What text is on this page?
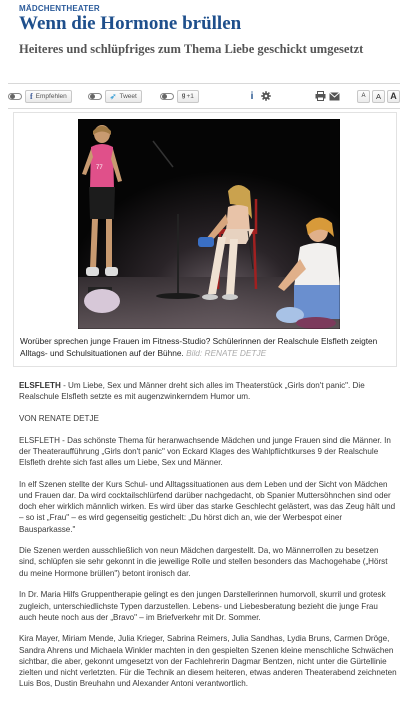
MÄDCHENTHEATER
Wenn die Hormone brüllen
Heiteres und schlüpfriges zum Thema Liebe geschickt umgesetzt
f Empfehlen	➶ Tweet	g +1	i	A	A	A
77
Worüber sprechen junge Frauen im Fitness-Studio? Schülerinnen der Realschule Elsfleth zeigten Alltags- und Schulsituationen auf der Bühne. Bild: RENATE DETJE

ELSFLETH - Um Liebe, Sex und Männer dreht sich alles im Theaterstück „Girls don't panic". Die Realschule Elsfleth setzte es mit augenzwinkerndem Humor um.

VON RENATE DETJE

ELSFLETH - Das schönste Thema für heranwachsende Mädchen und junge Frauen sind die Männer. In der Theateraufführung „Girls don't panic" von Eckard Klages des Wahlpflichtkurses 9 der Realschule Elsfleth drehte sich fast alles um Liebe, Sex und Männer.

In elf Szenen stellte der Kurs Schul- und Alltagssituationen aus dem Leben und der Sicht von Mädchen und Frauen dar. Da wird cocktailschlürfend darüber nachgedacht, ob Spanier Muttersöhnchen sind oder doch eher wirklich männlich wirken. Es wird über das starke Geschlecht gelästert, was das Zeug hält und – so ist „Frau" – es wird gegenseitig gestichelt: „Du hörst dich an, wie der Werbespot einer Bausparkasse."

Die Szenen werden ausschließlich von neun Mädchen dargestellt. Da, wo Männerrollen zu besetzen sind, schlüpfen sie sehr gekonnt in die jeweilige Rolle und stellen besonders das Machogehabe („Hörst du meine Hormone brüllen") betont ironisch dar.

In Dr. Maria Hilfs Gruppentherapie gelingt es den jungen Darstellerinnen humorvoll, skurril und grotesk zugleich, unterschiedlichste Typen darzustellen. Lebens- und Liebesberatung bezieht die junge Frau auch heute noch aus der „Bravo" – im Briefverkehr mit Dr. Sommer.

Kira Mayer, Miriam Mende, Julia Krieger, Sabrina Reimers, Julia Sandhas, Lydia Bruns, Carmen Dröge, Sandra Ahrens und Michaela Winkler machten in den gespielten Szenen kleine menschliche Schwächen sichtbar, die aber, gekonnt umgesetzt von der Fachlehrerin Dagmar Bentzen, nicht unter die Gürtellinie zielten und nicht verletzten. Für die Technik an diesem heiteren, etwas anderen Theaterabend zeichneten Luis Bos, Dustin Breuhahn und Alexander Antoni verantwortlich.
